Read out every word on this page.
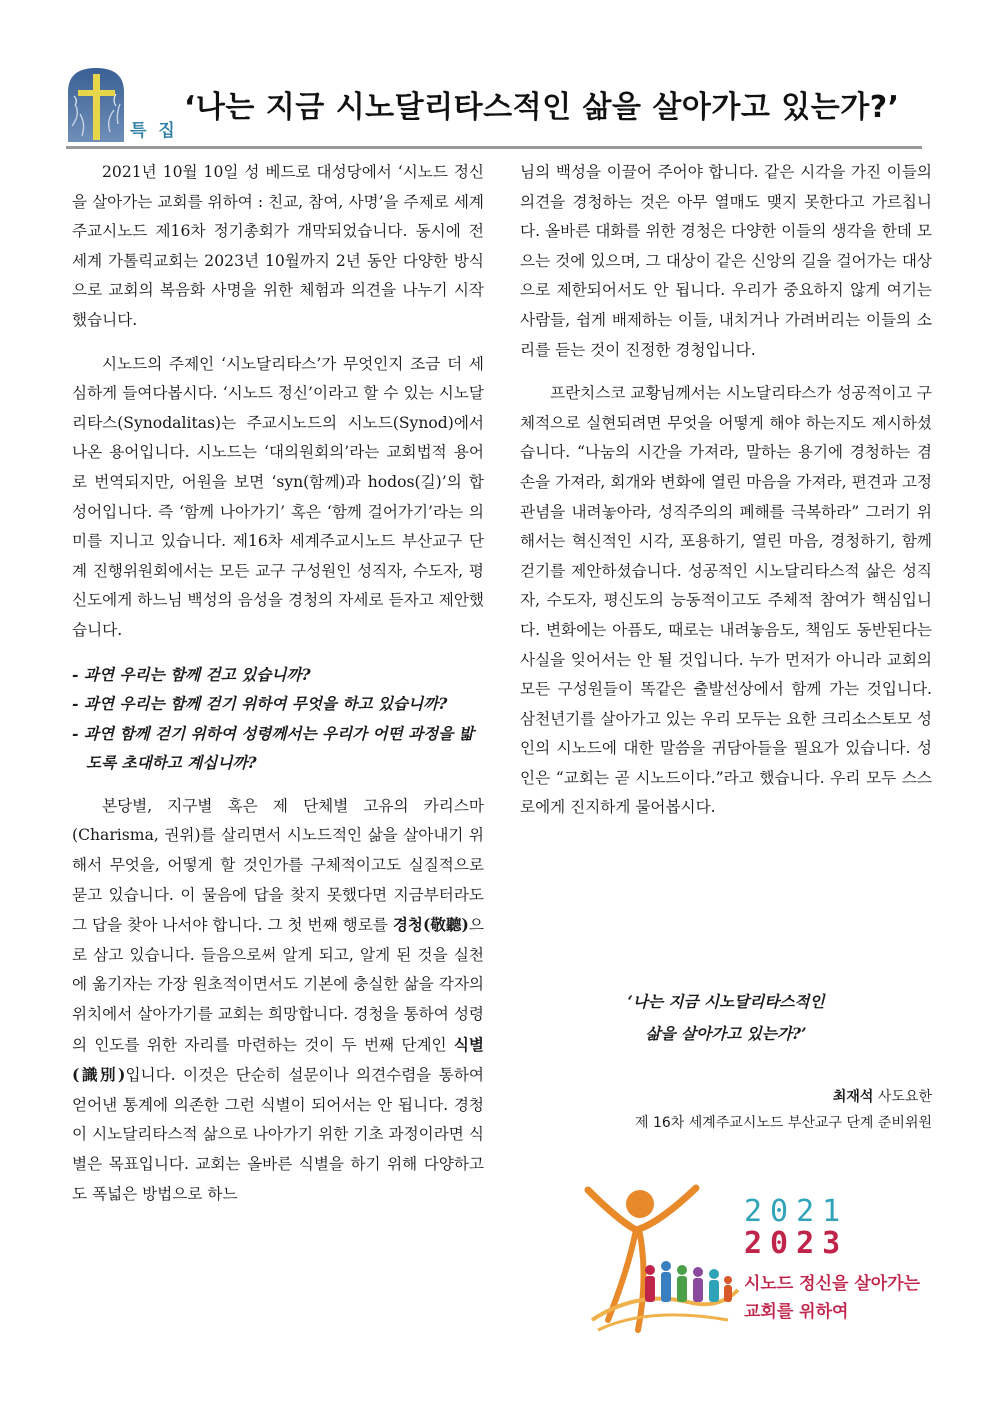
특 집
‘나는 지금 시노달리타스적인 삶을 살아가고 있는가?’

2021년 10월 10일 성 베드로 대성당에서 ‘시노드 정신을 살아가는 교회를 위하여 : 친교, 참여, 사명’을 주제로 세계주교시노드 제16차 정기총회가 개막되었습니다. 동시에 전 세계 가톨릭교회는 2023년 10월까지 2년 동안 다양한 방식으로 교회의 복음화 사명을 위한 체험과 의견을 나누기 시작했습니다.

시노드의 주제인 ‘시노달리타스’가 무엇인지 조금 더 세심하게 들여다봅시다. ‘시노드 정신’이라고 할 수 있는 시노달리타스(Synodalitas)는 주교시노드의 시노드(Synod)에서 나온 용어입니다. 시노드는 ‘대의원회의’라는 교회법적 용어로 번역되지만, 어원을 보면 ‘syn(함께)과 hodos(길)’의 합성어입니다. 즉 ‘함께 나아가기’ 혹은 ‘함께 걸어가기’라는 의미를 지니고 있습니다. 제16차 세계주교시노드 부산교구 단계 진행위원회에서는 모든 교구 구성원인 성직자, 수도자, 평신도에게 하느님 백성의 음성을 경청의 자세로 듣자고 제안했습니다.

- 과연 우리는 함께 걷고 있습니까?
- 과연 우리는 함께 걷기 위하여 무엇을 하고 있습니까?
- 과연 함께 걷기 위하여 성령께서는 우리가 어떤 과정을 밟도록 초대하고 계십니까?

본당별, 지구별 혹은 제 단체별 고유의 카리스마(Charisma, 권위)를 살리면서 시노드적인 삶을 살아내기 위해서 무엇을, 어떻게 할 것인가를 구체적이고도 실질적으로 묻고 있습니다. 이 물음에 답을 찾지 못했다면 지금부터라도 그 답을 찾아 나서야 합니다. 그 첫 번째 행로를 경청(敬聽)으로 삼고 있습니다. 들음으로써 알게 되고, 알게 된 것을 실천에 옮기자는 가장 원초적이면서도 기본에 충실한 삶을 각자의 위치에서 살아가기를 교회는 희망합니다. 경청을 통하여 성령의 인도를 위한 자리를 마련하는 것이 두 번째 단계인 식별(識別)입니다. 이것은 단순히 설문이나 의견수렴을 통하여 얻어낸 통계에 의존한 그런 식별이 되어서는 안 됩니다. 경청이 시노달리타스적 삶으로 나아가기 위한 기초 과정이라면 식별은 목표입니다. 교회는 올바른 식별을 하기 위해 다양하고도 폭넓은 방법으로 하느

님의 백성을 이끌어 주어야 합니다. 같은 시각을 가진 이들의 의견을 경청하는 것은 아무 열매도 맺지 못한다고 가르칩니다. 올바른 대화를 위한 경청은 다양한 이들의 생각을 한데 모으는 것에 있으며, 그 대상이 같은 신앙의 길을 걸어가는 대상으로 제한되어서도 안 됩니다. 우리가 중요하지 않게 여기는 사람들, 쉽게 배제하는 이들, 내치거나 가려버리는 이들의 소리를 듣는 것이 진정한 경청입니다.

프란치스코 교황님께서는 시노달리타스가 성공적이고 구체적으로 실현되려면 무엇을 어떻게 해야 하는지도 제시하셨습니다. “나눔의 시간을 가져라, 말하는 용기에 경청하는 겸손을 가져라, 회개와 변화에 열린 마음을 가져라, 편견과 고정관념을 내려놓아라, 성직주의의 폐해를 극복하라” 그러기 위해서는 혁신적인 시각, 포용하기, 열린 마음, 경청하기, 함께 걷기를 제안하셨습니다. 성공적인 시노달리타스적 삶은 성직자, 수도자, 평신도의 능동적이고도 주체적 참여가 핵심입니다. 변화에는 아픔도, 때로는 내려놓음도, 책임도 동반된다는 사실을 잊어서는 안 될 것입니다. 누가 먼저가 아니라 교회의 모든 구성원들이 똑같은 출발선상에서 함께 가는 것입니다. 삼천년기를 살아가고 있는 우리 모두는 요한 크리소스토모 성인의 시노드에 대한 말씀을 귀담아들을 필요가 있습니다. 성인은 “교회는 곧 시노드이다.”라고 했습니다. 우리 모두 스스로에게 진지하게 물어봅시다.

‘나는 지금 시노달리타스적인
삶을 살아가고 있는가?’
최재석 사도요한
제 16차 세계주교시노드 부산교구 단계 준비위원
2021
2023
시노드 정신을 살아가는
교회를 위하여
